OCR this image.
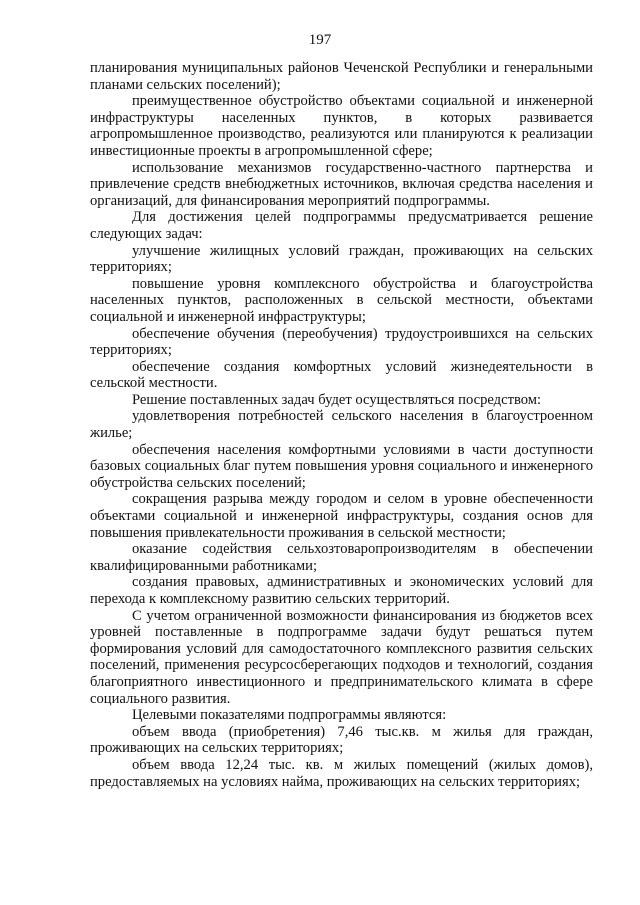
197

планирования муниципальных районов Чеченской Республики и генеральными планами сельских поселений);

преимущественное обустройство объектами социальной и инженерной инфраструктуры населенных пунктов, в которых развивается агропромышленное производство, реализуются или планируются к реализации инвестиционные проекты в агропромышленной сфере;

использование механизмов государственно-частного партнерства и привлечение средств внебюджетных источников, включая средства населения и организаций, для финансирования мероприятий подпрограммы.

Для достижения целей подпрограммы предусматривается решение следующих задач:

улучшение жилищных условий граждан, проживающих на сельских территориях;

повышение уровня комплексного обустройства и благоустройства населенных пунктов, расположенных в сельской местности, объектами социальной и инженерной инфраструктуры;

обеспечение обучения (переобучения) трудоустроившихся на сельских территориях;

обеспечение создания комфортных условий жизнедеятельности в сельской местности.

Решение поставленных задач будет осуществляться посредством:

удовлетворения потребностей сельского населения в благоустроенном жилье;

обеспечения населения комфортными условиями в части доступности базовых социальных благ путем повышения уровня социального и инженерного обустройства сельских поселений;

сокращения разрыва между городом и селом в уровне обеспеченности объектами социальной и инженерной инфраструктуры, создания основ для повышения привлекательности проживания в сельской местности;

оказание содействия сельхозтоваропроизводителям в обеспечении квалифицированными работниками;

создания правовых, административных и экономических условий для перехода к комплексному развитию сельских территорий.

С учетом ограниченной возможности финансирования из бюджетов всех уровней поставленные в подпрограмме задачи будут решаться путем формирования условий для самодостаточного комплексного развития сельских поселений, применения ресурсосберегающих подходов и технологий, создания благоприятного инвестиционного и предпринимательского климата в сфере социального развития.

Целевыми показателями подпрограммы являются:

объем ввода (приобретения) 7,46 тыс.кв. м жилья для граждан, проживающих на сельских территориях;

объем ввода 12,24 тыс. кв. м жилых помещений (жилых домов), предоставляемых на условиях найма, проживающих на сельских территориях;
